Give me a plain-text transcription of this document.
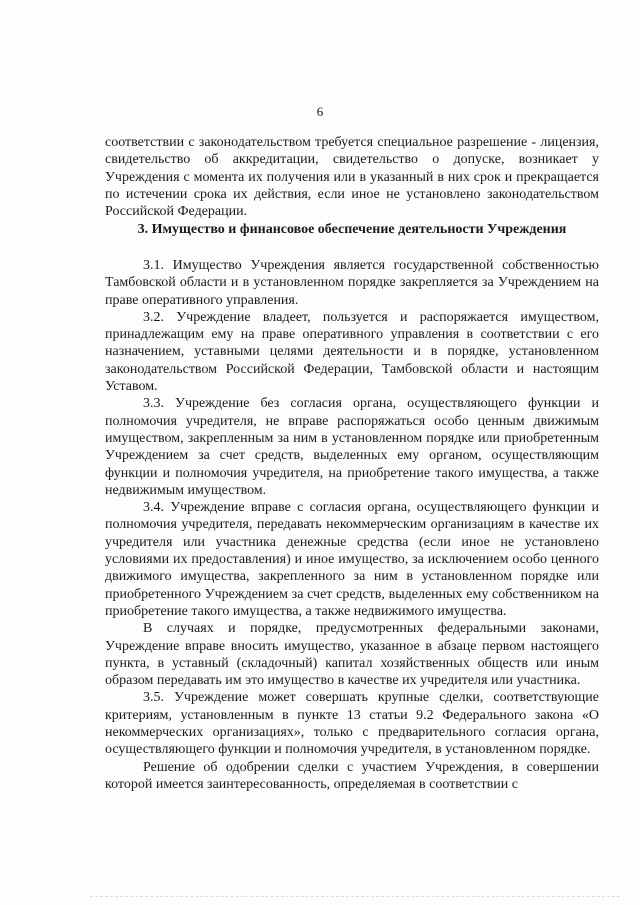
6

соответствии с законодательством требуется специальное разрешение - лицензия, свидетельство об аккредитации, свидетельство о допуске, возникает у Учреждения с момента их получения или в указанный в них срок и прекращается по истечении срока их действия, если иное не установлено законодательством Российской Федерации.

3. Имущество и финансовое обеспечение деятельности Учреждения

3.1. Имущество Учреждения является государственной собственностью Тамбовской области и в установленном порядке закрепляется за Учреждением на праве оперативного управления.

3.2. Учреждение владеет, пользуется и распоряжается имуществом, принадлежащим ему на праве оперативного управления в соответствии с его назначением, уставными целями деятельности и в порядке, установленном законодательством Российской Федерации, Тамбовской области и настоящим Уставом.

3.3. Учреждение без согласия органа, осуществляющего функции и полномочия учредителя, не вправе распоряжаться особо ценным движимым имуществом, закрепленным за ним в установленном порядке или приобретенным Учреждением за счет средств, выделенных ему органом, осуществляющим функции и полномочия учредителя, на приобретение такого имущества, а также недвижимым имуществом.

3.4. Учреждение вправе с согласия органа, осуществляющего функции и полномочия учредителя, передавать некоммерческим организациям в качестве их учредителя или участника денежные средства (если иное не установлено условиями их предоставления) и иное имущество, за исключением особо ценного движимого имущества, закрепленного за ним в установленном порядке или приобретенного Учреждением за счет средств, выделенных ему собственником на приобретение такого имущества, а также недвижимого имущества.

В случаях и порядке, предусмотренных федеральными законами, Учреждение вправе вносить имущество, указанное в абзаце первом настоящего пункта, в уставный (складочный) капитал хозяйственных обществ или иным образом передавать им это имущество в качестве их учредителя или участника.

3.5. Учреждение может совершать крупные сделки, соответствующие критериям, установленным в пункте 13 статьи 9.2 Федерального закона «О некоммерческих организациях», только с предварительного согласия органа, осуществляющего функции и полномочия учредителя, в установленном порядке.

Решение об одобрении сделки с участием Учреждения, в совершении которой имеется заинтересованность, определяемая в соответствии с
